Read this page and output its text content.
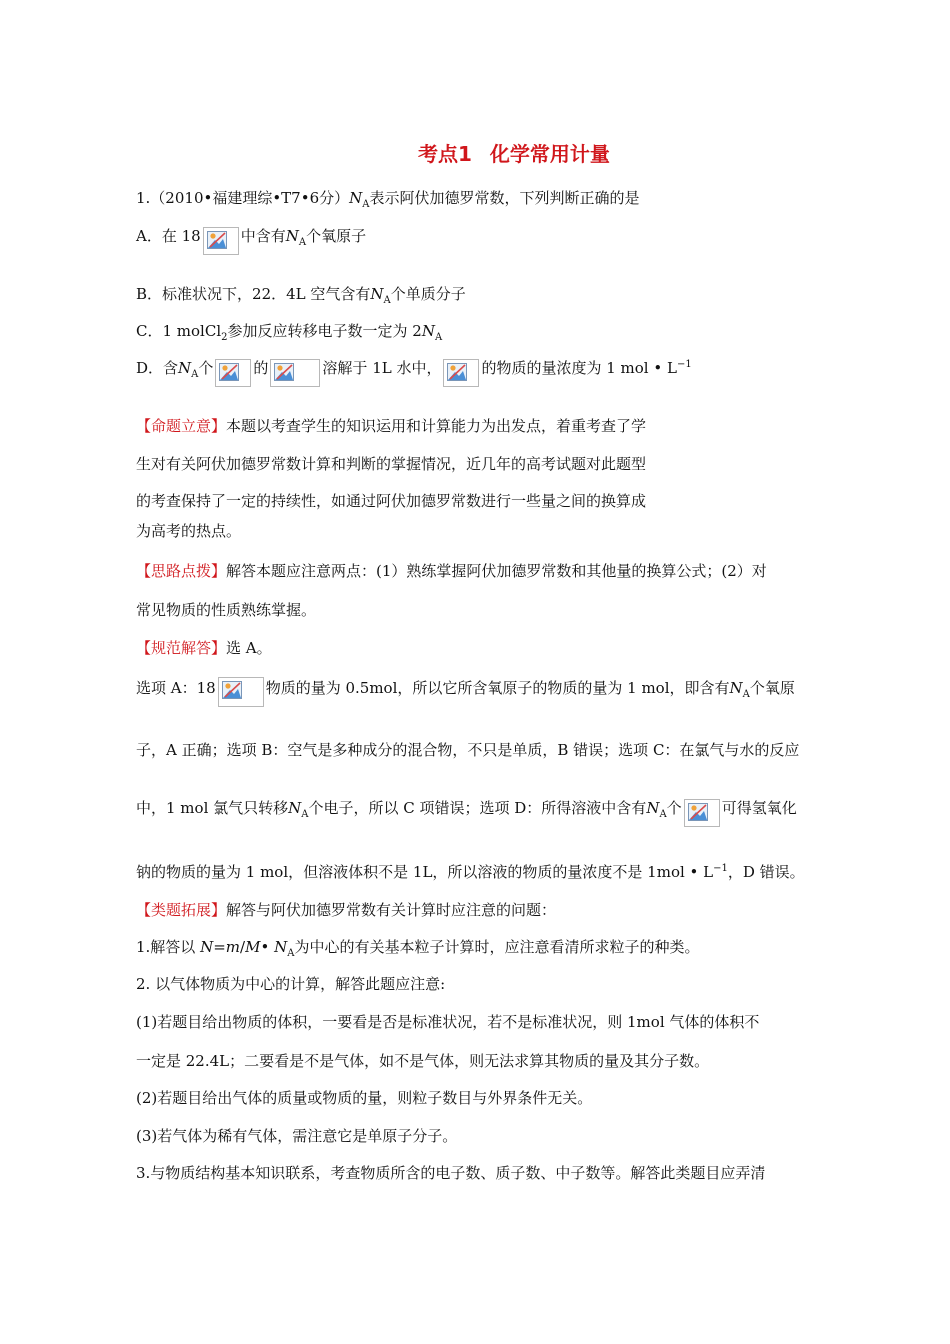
考点1 化学常用计量
1.（2010•福建理综•T7•6分）$N_A$表示阿伏加德罗常数，下列判断正确的是
A．在 18	中含有$N_A$个氧原子
B．标准状况下，22．4L 空气含有$N_A$个单质分子
C．1 molCl$_2$参加反应转移电子数一定为 $2N_A$
D．含$N_A$个	的	溶解于 1L 水中，	的物质的量浓度为 1 mol • $L^{-1}$
【命题立意】本题以考查学生的知识运用和计算能力为出发点，着重考查了学
生对有关阿伏加德罗常数计算和判断的掌握情况，近几年的高考试题对此题型
的考查保持了一定的持续性，如通过阿伏加德罗常数进行一些量之间的换算成
为高考的热点。
【思路点拨】解答本题应注意两点：(1）熟练掌握阿伏加德罗常数和其他量的换算公式；(2）对
常见物质的性质熟练掌握。
【规范解答】选 A。
选项 A：18	物质的量为 0.5mol，所以它所含氧原子的物质的量为 1 mol，即含有$N_A$个氧原
子，A 正确；选项 B：空气是多种成分的混合物，不只是单质，B 错误；选项 C：在氯气与水的反应
中，1 mol 氯气只转移$N_A$个电子，所以 C 项错误；选项 D：所得溶液中含有$N_A$个	可得氢氧化
钠的物质的量为 1 mol，但溶液体积不是 1L，所以溶液的物质的量浓度不是 1mol • $L^{-1}$，D 错误。
【类题拓展】解答与阿伏加德罗常数有关计算时应注意的问题：
1.解答以 N=m/M• $N_A$为中心的有关基本粒子计算时，应注意看清所求粒子的种类。
2. 以气体物质为中心的计算，解答此题应注意:
(1)若题目给出物质的体积，一要看是否是标准状况，若不是标准状况，则 1mol 气体的体积不
一定是 22.4L；二要看是不是气体，如不是气体，则无法求算其物质的量及其分子数。
(2)若题目给出气体的质量或物质的量，则粒子数目与外界条件无关。
(3)若气体为稀有气体，需注意它是单原子分子。
3.与物质结构基本知识联系，考查物质所含的电子数、质子数、中子数等。解答此类题目应弄清
